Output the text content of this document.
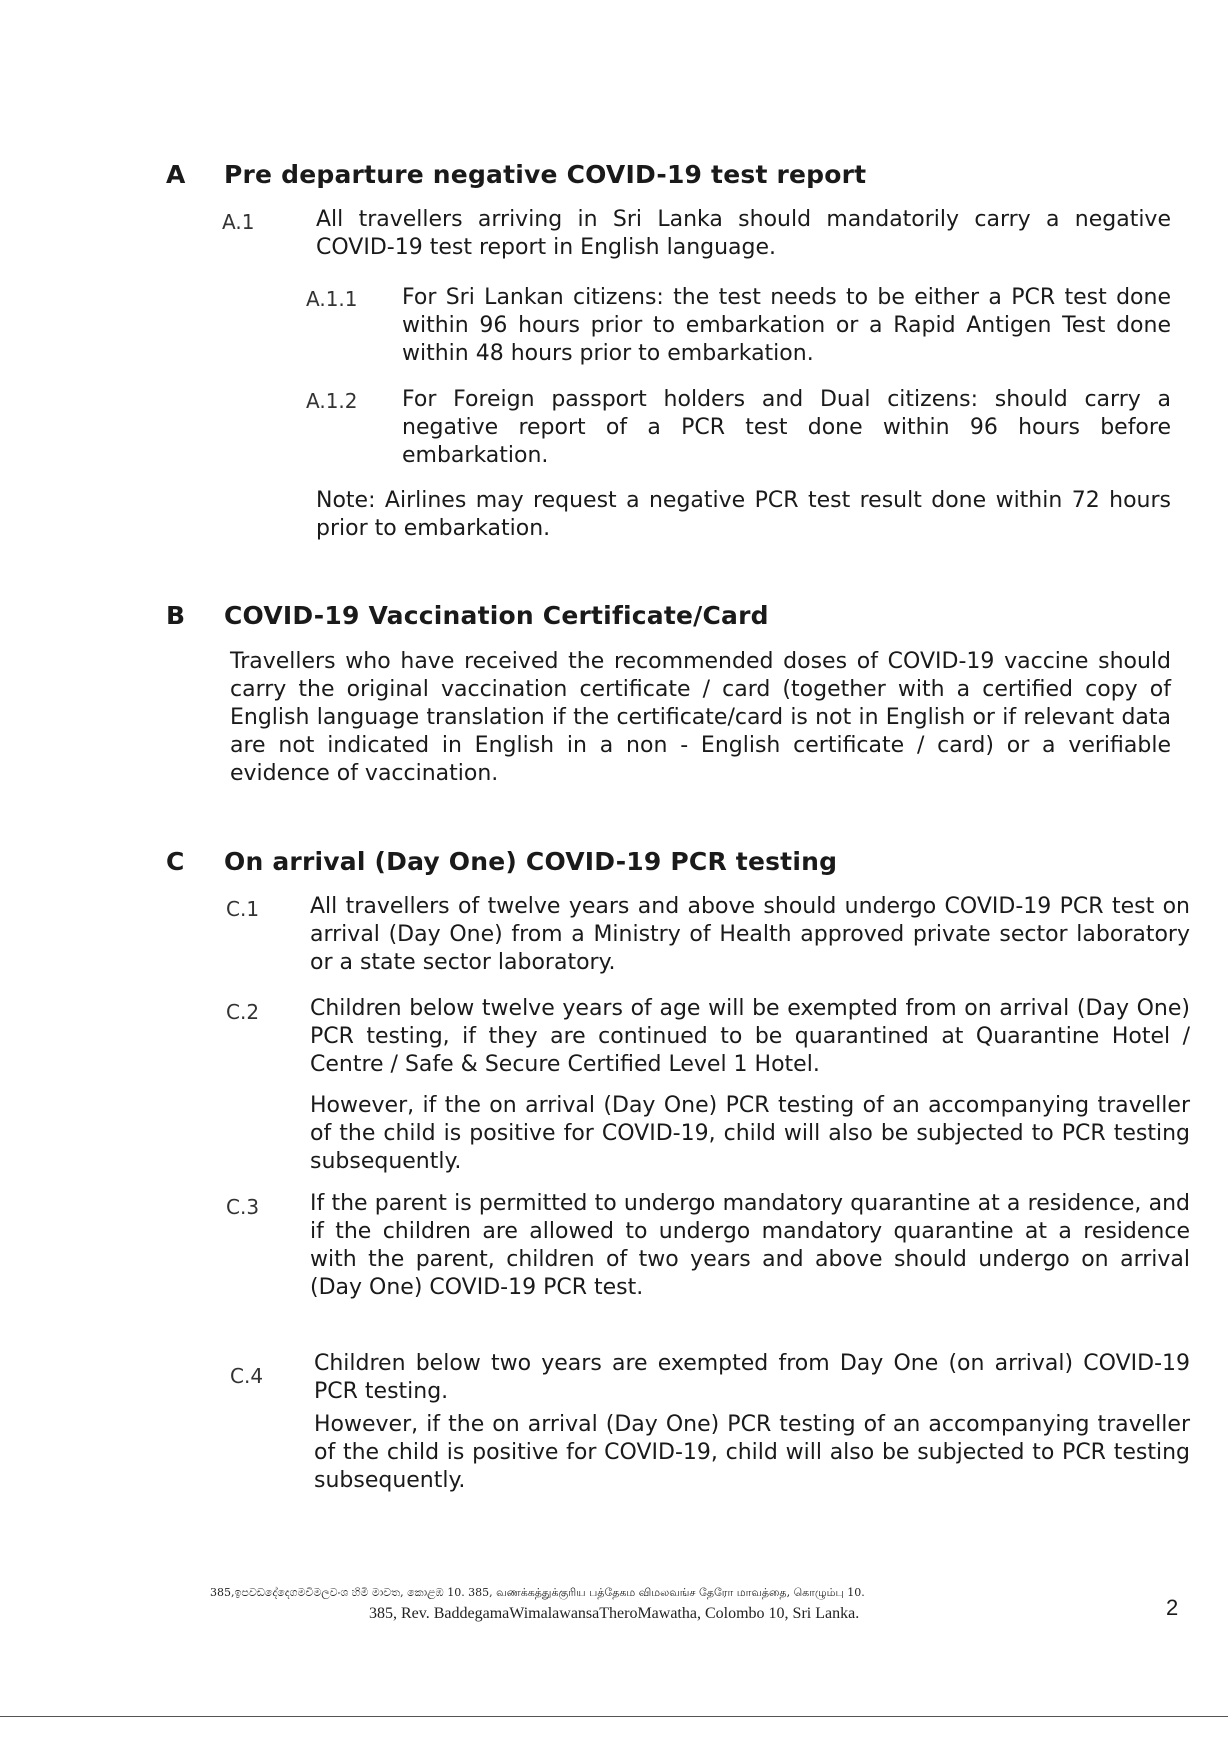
A Pre departure negative COVID-19 test report
A.1	All travellers arriving in Sri Lanka should mandatorily carry a negative COVID-19 test report in English language.
A.1.1 For Sri Lankan citizens: the test needs to be either a PCR test done within 96 hours prior to embarkation or a Rapid Antigen Test done within 48 hours prior to embarkation.
A.1.2 For Foreign passport holders and Dual citizens: should carry a negative report of a PCR test done within 96 hours before embarkation.
Note: Airlines may request a negative PCR test result done within 72 hours prior to embarkation.
B COVID-19 Vaccination Certificate/Card
Travellers who have received the recommended doses of COVID-19 vaccine should carry the original vaccination certificate / card (together with a certified copy of English language translation if the certificate/card is not in English or if relevant data are not indicated in English in a non - English certificate / card) or a verifiable evidence of vaccination.
C On arrival (Day One) COVID-19 PCR testing
C.1 All travellers of twelve years and above should undergo COVID-19 PCR test on arrival (Day One) from a Ministry of Health approved private sector laboratory or a state sector laboratory.
C.2 Children below twelve years of age will be exempted from on arrival (Day One) PCR testing, if they are continued to be quarantined at Quarantine Hotel / Centre / Safe & Secure Certified Level 1 Hotel.
However, if the on arrival (Day One) PCR testing of an accompanying traveller of the child is positive for COVID-19, child will also be subjected to PCR testing subsequently.
C.3 If the parent is permitted to undergo mandatory quarantine at a residence, and if the children are allowed to undergo mandatory quarantine at a residence with the parent, children of two years and above should undergo on arrival (Day One) COVID-19 PCR test.
C.4 Children below two years are exempted from Day One (on arrival) COVID-19 PCR testing.
However, if the on arrival (Day One) PCR testing of an accompanying traveller of the child is positive for COVID-19, child will also be subjected to PCR testing subsequently.
385,ඉපවඩදේදෙගමවිමලවංශ හිමි මාවත, කොළඹ 10. 385, வணக்கத்துக்குரிய பத்தேகம விமலவங்ச தேரோ மாவத்தை, கொழும்பு 10.
385, Rev. BaddegamaWimalawansaTheroMawatha, Colombo 10, Sri Lanka.	2
